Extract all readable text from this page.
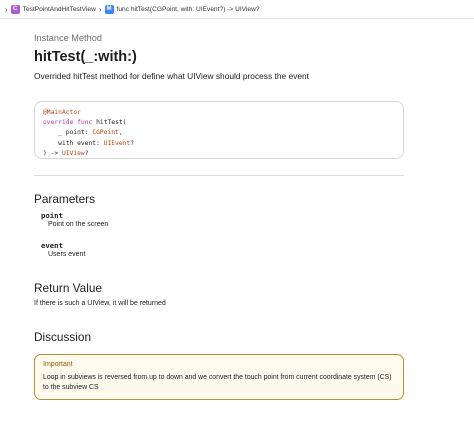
› C TestPointAndHitTestView › M func hitTest(CGPoint, with: UIEvent?) -> UIView?
Instance Method
hitTest(_:with:)
Overrided hitTest method for define what UIView should process the event
@MainActor
override func hitTest(
_ point: CGPoint,
with event: UIEvent?
) -> UIView?
Parameters
point
Point on the screen
event
Users event
Return Value
If there is such a UIView, it will be returned
Discussion
Important
Loop in subviews is reversed from up to down and we convert the touch point from current coordinate system (CS) to the subview CS
